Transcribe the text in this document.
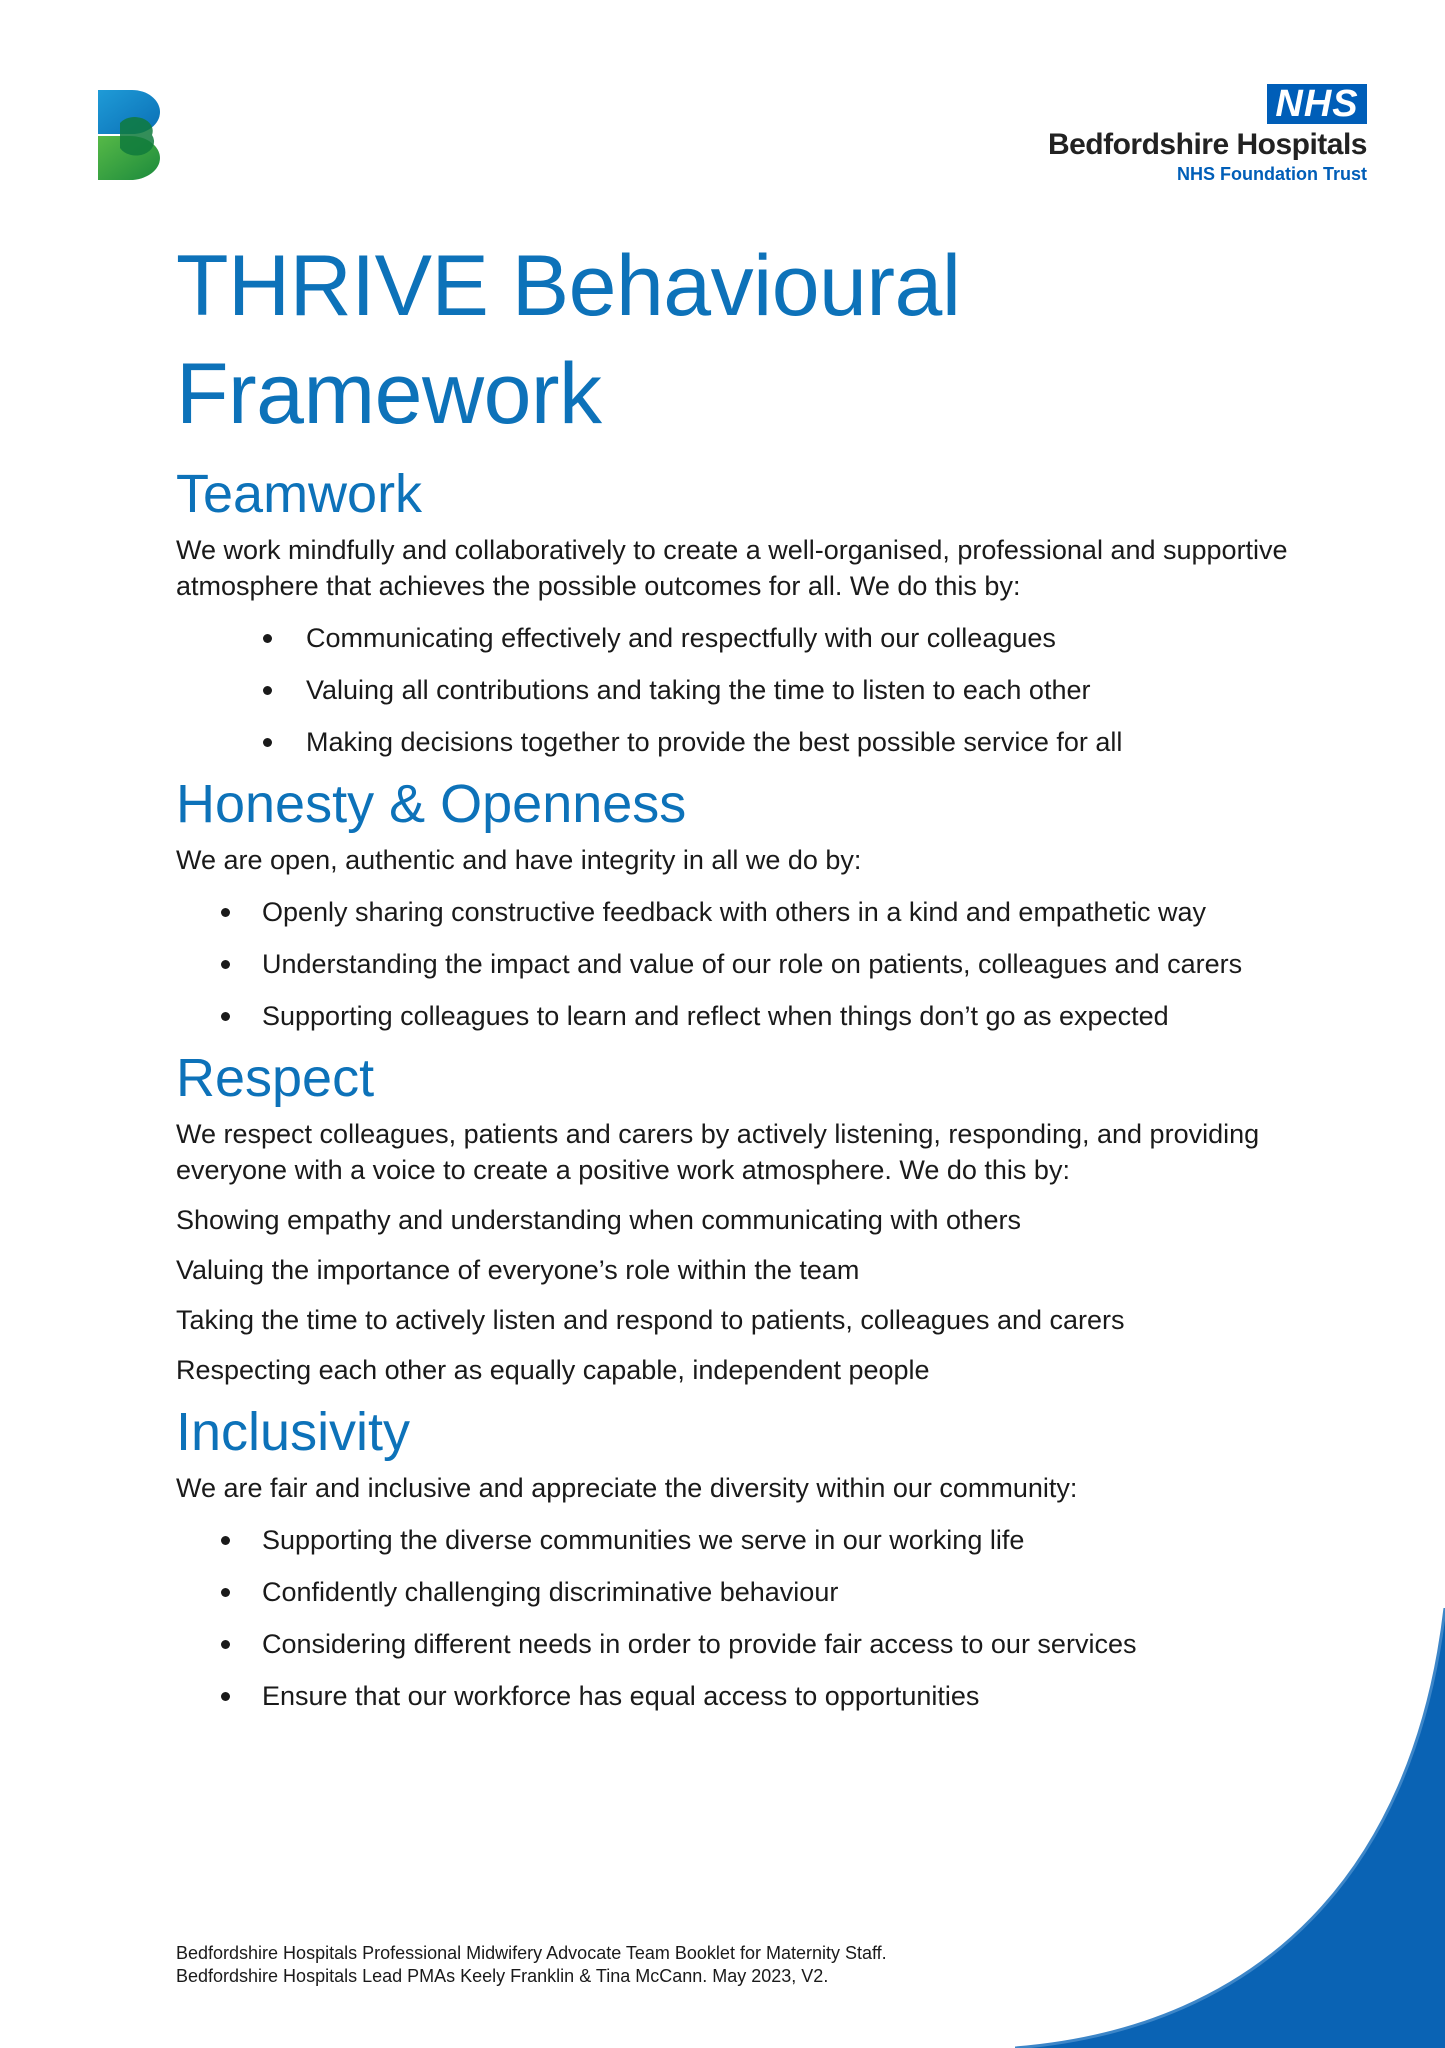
NHS
Bedfordshire Hospitals
NHS Foundation Trust
THRIVE Behavioural Framework
Teamwork

We work mindfully and collaboratively to create a well-organised, professional and supportive atmosphere that achieves the possible outcomes for all. We do this by:

Communicating effectively and respectfully with our colleagues
Valuing all contributions and taking the time to listen to each other
Making decisions together to provide the best possible service for all
Honesty & Openness

We are open, authentic and have integrity in all we do by:

Openly sharing constructive feedback with others in a kind and empathetic way
Understanding the impact and value of our role on patients, colleagues and carers
Supporting colleagues to learn and reflect when things don’t go as expected
Respect

We respect colleagues, patients and carers by actively listening, responding, and providing everyone with a voice to create a positive work atmosphere. We do this by:

Showing empathy and understanding when communicating with others
Valuing the importance of everyone’s role within the team
Taking the time to actively listen and respond to patients, colleagues and carers
Respecting each other as equally capable, independent people
Inclusivity

We are fair and inclusive and appreciate the diversity within our community:

Supporting the diverse communities we serve in our working life
Confidently challenging discriminative behaviour
Considering different needs in order to provide fair access to our services
Ensure that our workforce has equal access to opportunities
Bedfordshire Hospitals Professional Midwifery Advocate Team Booklet for Maternity Staff.
Bedfordshire Hospitals Lead PMAs Keely Franklin & Tina McCann. May 2023, V2.
